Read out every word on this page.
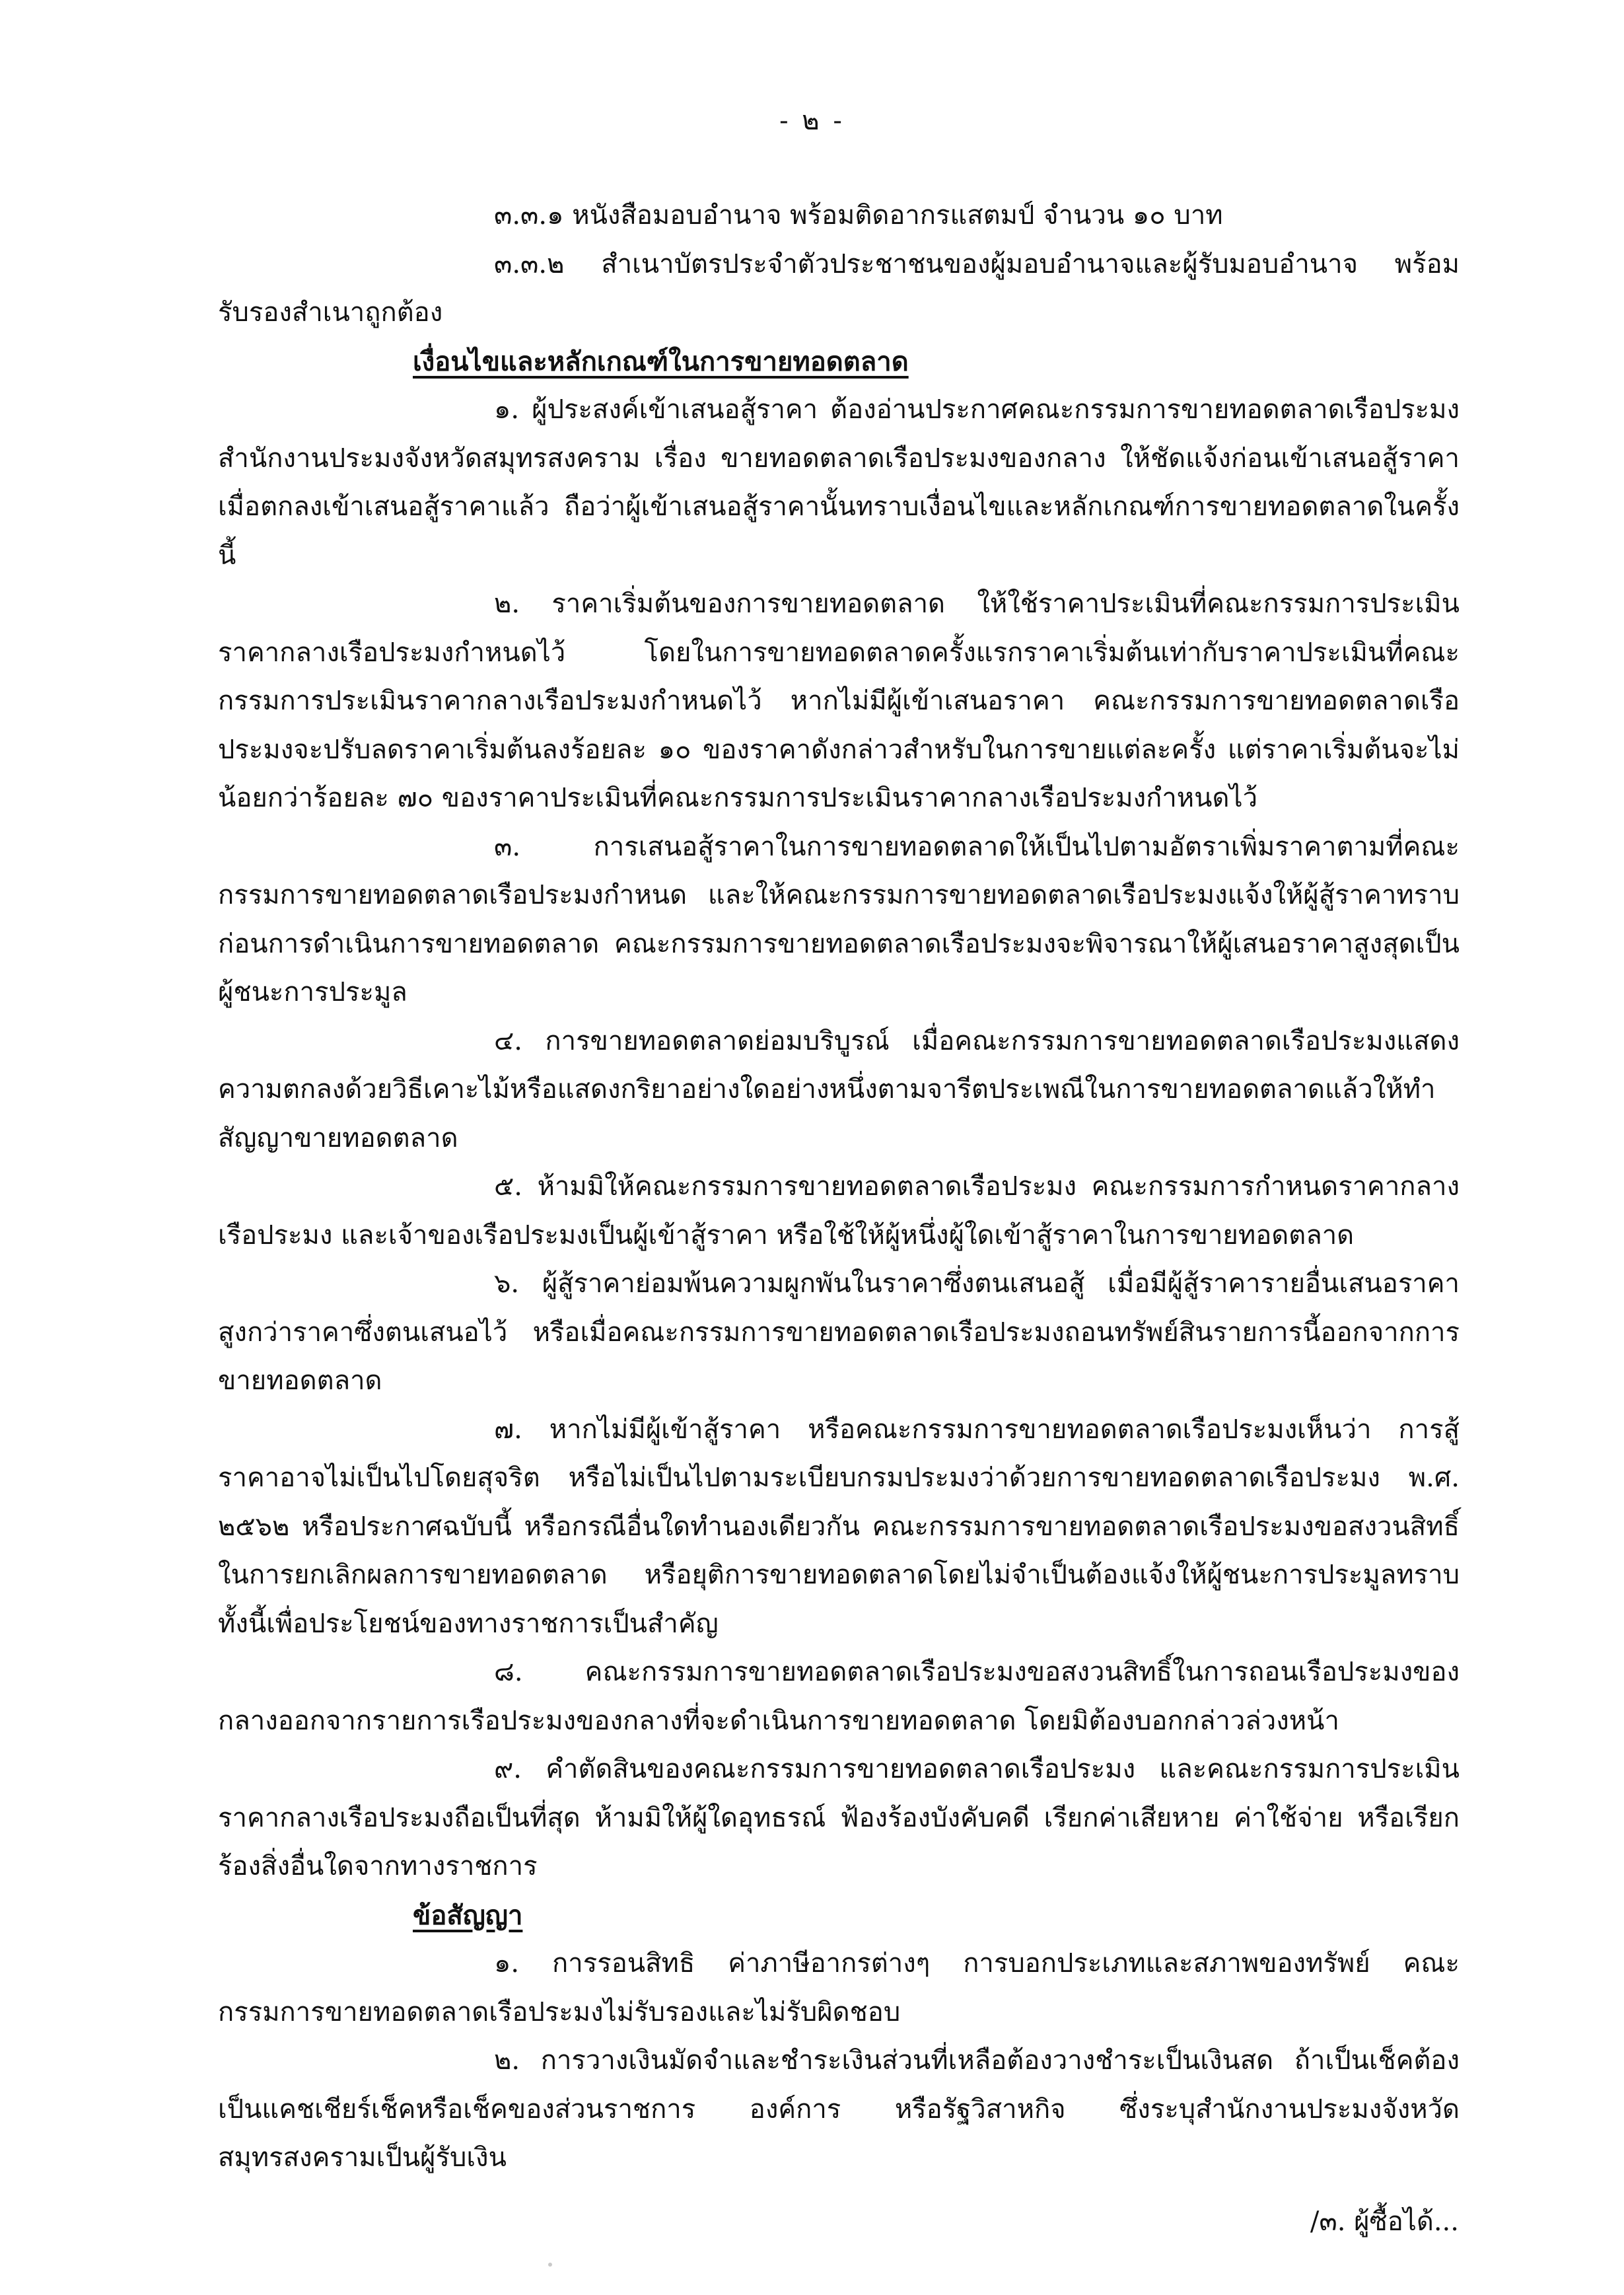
- ๒ -

๓.๓.๑ หนังสือมอบอำนาจ พร้อมติดอากรแสตมป์ จำนวน ๑๐ บาท

๓.๓.๒ สำเนาบัตรประจำตัวประชาชนของผู้มอบอำนาจและผู้รับมอบอำนาจ พร้อมรับรองสำเนาถูกต้อง

เงื่อนไขและหลักเกณฑ์ในการขายทอดตลาด

๑. ผู้ประสงค์เข้าเสนอสู้ราคา ต้องอ่านประกาศคณะกรรมการขายทอดตลาดเรือประมง สำนักงานประมงจังหวัดสมุทรสงคราม เรื่อง ขายทอดตลาดเรือประมงของกลาง ให้ชัดแจ้งก่อนเข้าเสนอสู้ราคา เมื่อตกลงเข้าเสนอสู้ราคาแล้ว ถือว่าผู้เข้าเสนอสู้ราคานั้นทราบเงื่อนไขและหลักเกณฑ์การขายทอดตลาดในครั้งนี้

๒. ราคาเริ่มต้นของการขายทอดตลาด ให้ใช้ราคาประเมินที่คณะกรรมการประเมินราคากลางเรือประมงกำหนดไว้ โดยในการขายทอดตลาดครั้งแรกราคาเริ่มต้นเท่ากับราคาประเมินที่คณะกรรมการประเมินราคากลางเรือประมงกำหนดไว้ หากไม่มีผู้เข้าเสนอราคา คณะกรรมการขายทอดตลาดเรือประมงจะปรับลดราคาเริ่มต้นลงร้อยละ ๑๐ ของราคาดังกล่าวสำหรับในการขายแต่ละครั้ง แต่ราคาเริ่มต้นจะไม่น้อยกว่าร้อยละ ๗๐ ของราคาประเมินที่คณะกรรมการประเมินราคากลางเรือประมงกำหนดไว้

๓. การเสนอสู้ราคาในการขายทอดตลาดให้เป็นไปตามอัตราเพิ่มราคาตามที่คณะกรรมการขายทอดตลาดเรือประมงกำหนด และให้คณะกรรมการขายทอดตลาดเรือประมงแจ้งให้ผู้สู้ราคาทราบก่อนการดำเนินการขายทอดตลาด คณะกรรมการขายทอดตลาดเรือประมงจะพิจารณาให้ผู้เสนอราคาสูงสุดเป็นผู้ชนะการประมูล

๔. การขายทอดตลาดย่อมบริบูรณ์ เมื่อคณะกรรมการขายทอดตลาดเรือประมงแสดงความตกลงด้วยวิธีเคาะไม้หรือแสดงกริยาอย่างใดอย่างหนึ่งตามจารีตประเพณีในการขายทอดตลาดแล้วให้ทำสัญญาขายทอดตลาด

๕. ห้ามมิให้คณะกรรมการขายทอดตลาดเรือประมง คณะกรรมการกำหนดราคากลางเรือประมง และเจ้าของเรือประมงเป็นผู้เข้าสู้ราคา หรือใช้ให้ผู้หนึ่งผู้ใดเข้าสู้ราคาในการขายทอดตลาด

๖. ผู้สู้ราคาย่อมพ้นความผูกพันในราคาซึ่งตนเสนอสู้ เมื่อมีผู้สู้ราคารายอื่นเสนอราคาสูงกว่าราคาซึ่งตนเสนอไว้ หรือเมื่อคณะกรรมการขายทอดตลาดเรือประมงถอนทรัพย์สินรายการนี้ออกจากการขายทอดตลาด

๗. หากไม่มีผู้เข้าสู้ราคา หรือคณะกรรมการขายทอดตลาดเรือประมงเห็นว่า การสู้ราคาอาจไม่เป็นไปโดยสุจริต หรือไม่เป็นไปตามระเบียบกรมประมงว่าด้วยการขายทอดตลาดเรือประมง พ.ศ. ๒๕๖๒ หรือประกาศฉบับนี้ หรือกรณีอื่นใดทำนองเดียวกัน คณะกรรมการขายทอดตลาดเรือประมงขอสงวนสิทธิ์ในการยกเลิกผลการขายทอดตลาด หรือยุติการขายทอดตลาดโดยไม่จำเป็นต้องแจ้งให้ผู้ชนะการประมูลทราบทั้งนี้เพื่อประโยชน์ของทางราชการเป็นสำคัญ

๘. คณะกรรมการขายทอดตลาดเรือประมงขอสงวนสิทธิ์ในการถอนเรือประมงของกลางออกจากรายการเรือประมงของกลางที่จะดำเนินการขายทอดตลาด โดยมิต้องบอกกล่าวล่วงหน้า

๙. คำตัดสินของคณะกรรมการขายทอดตลาดเรือประมง และคณะกรรมการประเมินราคากลางเรือประมงถือเป็นที่สุด ห้ามมิให้ผู้ใดอุทธรณ์ ฟ้องร้องบังคับคดี เรียกค่าเสียหาย ค่าใช้จ่าย หรือเรียกร้องสิ่งอื่นใดจากทางราชการ

ข้อสัญญา

๑. การรอนสิทธิ ค่าภาษีอากรต่างๆ การบอกประเภทและสภาพของทรัพย์ คณะกรรมการขายทอดตลาดเรือประมงไม่รับรองและไม่รับผิดชอบ

๒. การวางเงินมัดจำและชำระเงินส่วนที่เหลือต้องวางชำระเป็นเงินสด ถ้าเป็นเช็คต้องเป็นแคชเชียร์เช็คหรือเช็คของส่วนราชการ องค์การ หรือรัฐวิสาหกิจ ซึ่งระบุสำนักงานประมงจังหวัดสมุทรสงครามเป็นผู้รับเงิน

/๓. ผู้ซื้อได้...
